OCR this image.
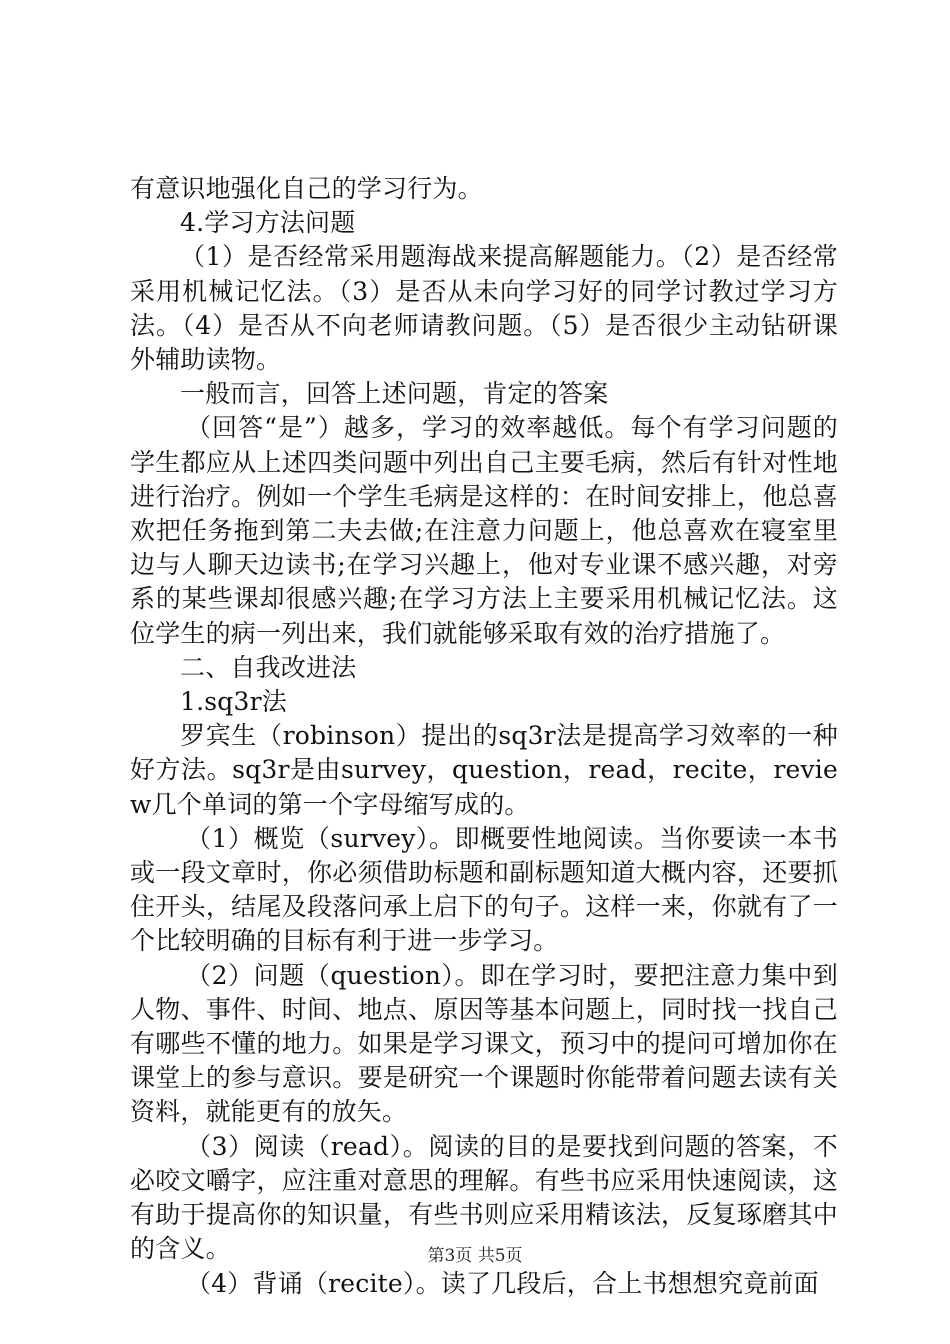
有意识地强化自己的学习行为。

4.学习方法问题

（1）是否经常采用题海战来提高解题能力。（2）是否经常采用机械记忆法。（3）是否从未向学习好的同学讨教过学习方法。（4）是否从不向老师请教问题。（5）是否很少主动钻研课外辅助读物。

一般而言，回答上述问题，肯定的答案

（回答“是”）越多，学习的效率越低。每个有学习问题的学生都应从上述四类问题中列出自己主要毛病，然后有针对性地进行治疗。例如一个学生毛病是这样的：在时间安排上，他总喜欢把任务拖到第二夫去做;在注意力问题上，他总喜欢在寝室里边与人聊天边读书;在学习兴趣上，他对专业课不感兴趣，对旁系的某些课却很感兴趣;在学习方法上主要采用机械记忆法。这位学生的病一列出来，我们就能够采取有效的治疗措施了。

二、自我改进法

1.sq3r法

罗宾生（robinson）提出的sq3r法是提高学习效率的一种好方法。sq3r是由survey，question，read，recite，review几个单词的第一个字母缩写成的。

（1）概览（survey）。即概要性地阅读。当你要读一本书或一段文章时，你必须借助标题和副标题知道大概内容，还要抓住开头，结尾及段落问承上启下的句子。这样一来，你就有了一个比较明确的目标有利于进一步学习。

（2）问题（question）。即在学习时，要把注意力集中到人物、事件、时间、地点、原因等基本问题上，同时找一找自己有哪些不懂的地力。如果是学习课文，预习中的提问可增加你在课堂上的参与意识。要是研究一个课题时你能带着问题去读有关资料，就能更有的放矢。

（3）阅读（read）。阅读的目的是要找到问题的答案，不必咬文嚼字，应注重对意思的理解。有些书应采用快速阅读，这有助于提高你的知识量，有些书则应采用精该法，反复琢磨其中的含义。

（4）背诵（recite）。读了几段后，合上书想想究竟前面

第3页 共5页
